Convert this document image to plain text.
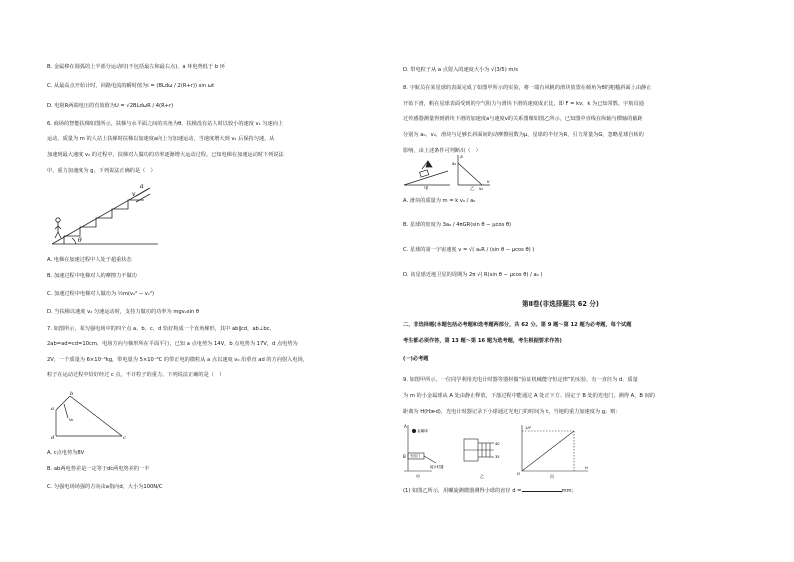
B. 金属棒在圆弧的上半部分运动时(不包括最左和最右点)，a 环电势低于 b 环
C. 从最高点开始计时，回路电流的瞬时值为i = (BLdω / 2(R+r)) sin ωt
D. 电阻R两端电压的有效值为U = √2BLdωR / 4(R+r)
6. 商场的智能扶梯如图所示，扶梯与水平面之间的夹角为θ，扶梯没有站人时以较小的速度 v₁ 匀速向上
运动，质量为 m 的人站上扶梯时扶梯以加速度a向上匀加速运动，当速度增大到 v₂ 后保持匀速，从
加速到最大速度 v₂ 的过程中，扶梯对人做功的功率逐渐增大运动过程。已知电梯在加速运动时下列说法
中，重力加速度为 g，下列说法正确的是（　）
a
v
θ
A. 电梯在加速过程中人处于超重状态
B. 加速过程中电梯对人的摩擦力不做功
C. 加速过程中电梯对人做功为 ½m(v₂² − v₁²)
D. 当扶梯以速度 v₂ 匀速运动时，支持力做功的功率为 mgv₂sin θ
7. 如图所示，某匀强电场中的四个点 a、b、c、d 恰好构成一个直角梯形，其中 ab∥cd，ab⊥bc，
2ab=ad=cd=10cm，电场方向与梯形所在平面平行，已知 a 点电势为 14V，b 点电势为 17V，d 点电势为
2V，一个质量为 6×10⁻⁴kg，带电量为 5×10⁻⁶C 的带正电的微粒从 a 点以速度 v₀ 沿垂直 ad 的方向射入电场，
粒子在运动过程中恰好经过 c 点，不计粒子的重力。下列说法正确的是（　）
a
b
c
d
v₀
A. c点电势为8V
B. ab两电势差是一定等于dc两电势差的一半
C. 匀强电场场强的方向由a指向d，大小为100N/C
D. 带电粒子从 a 点射入的速度大小为 √(3/5) m/s
8. 宇航员在某星球的表面完成了如图甲所示的实验，将一端有风帆的滑块放置在倾角为θ的粗糙斜面上由静止
开始下滑，帆在星球表面受到的空气阻力与滑块下滑的速度成正比，即 F = kv，k 为已知常数。宇航员通
过传感器测量得到滑块下滑的加速度a与速度v的关系图像如图乙所示，已知图中直线在纵轴与横轴的截距
分别为 a₀、v₀，滑块与足够长斜面间的动摩擦因数为μ，星球的半径为R，引力常量为G，忽略星球自转的
影响，由上述条件可判断出（　）
甲
a
v
a₀
v₀
乙
A. 滑块的质量为 m = k v₀ / a₀
B. 星球的密度为 3a₀ / 4πGR(sin θ − μcos θ)
C. 星球的第一宇宙速度 v = √( a₀R / (sin θ − μcos θ) )
D. 该星球近地卫星的周期为 2π √( R(sin θ − μcos θ) / a₀ )
第Ⅱ卷(非选择题共 62 分)
二、非选择题(本题包括必考题和选考题两部分，共 62 分。第 9 题～第 12 题为必考题，每个试题
考生都必须作答，第 13 题～第 16 题为选考题，考生根据要求作答)
(一)必考题
9. 如图甲所示，一位同学利用光电计时器等器材做“验证机械能守恒定律”的实验，有一直径为 d、质量
为 m 的小金属球从 A 处由静止释放，下落过程中能通过 A 处正下方、固定于 B 处的光电门，测得 A、B 间的
距离为 H(H≫d)，光电计时器记录下小球通过光电门的时间为 t，当地的重力加速度为 g。则：
A
金属球
B 光电门
接计时器
甲
40
35
乙
1/t²
H
O
丙
(1) 如图乙所示，用螺旋测微器测得小球的直径 d =	mm；
